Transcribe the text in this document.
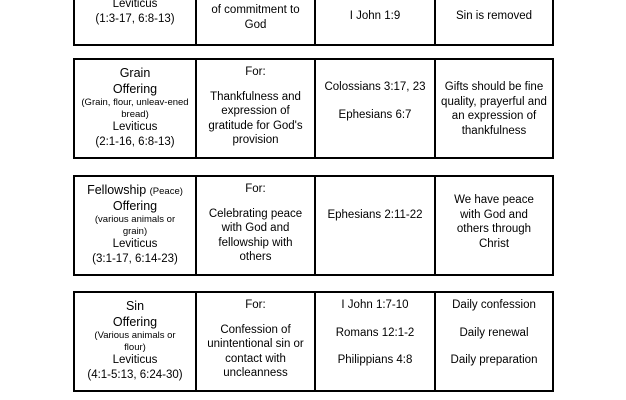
Leviticus
(1:3-17, 6:8-13)
of commitment to
God
I John 1:9	Sin is removed
Grain
Offering
(Grain, flour, unleav-ened bread)
Leviticus
(2:1-16, 6:8-13)
For:
Thankfulness and expression of gratitude for God's provision
Colossians 3:17, 23
Ephesians 6:7
Gifts should be fine quality, prayerful and an expression of thankfulness
Fellowship (Peace)
Offering
(various animals or grain)
Leviticus
(3:1-17, 6:14-23)
For:
Celebrating peace with God and fellowship with others
Ephesians 2:11-22
We have peace with God and others through Christ
Sin
Offering
(Various animals or flour)
Leviticus
(4:1-5:13, 6:24-30)
For:
Confession of unintentional sin or contact with uncleanness
I John 1:7-10
Romans 12:1-2
Philippians 4:8
Daily confession
Daily renewal
Daily preparation
